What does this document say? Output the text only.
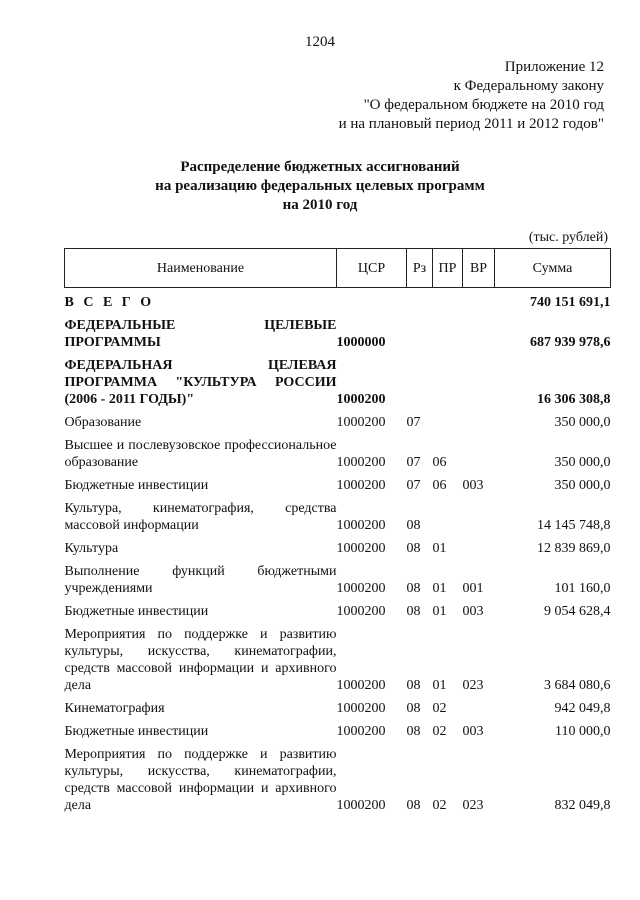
1204
Приложение 12
к Федеральному закону
"О федеральном бюджете на 2010 год
и на плановый период 2011 и 2012 годов"
Распределение бюджетных ассигнований
на реализацию федеральных целевых программ
на 2010 год
(тыс. рублей)
Наименование	ЦСР	Рз	ПР	ВР	Сумма
В С Е Г О					740 151 691,1
ФЕДЕРАЛЬНЫЕ ЦЕЛЕВЫЕ ПРОГРАММЫ	1000000				687 939 978,6
ФЕДЕРАЛЬНАЯ ЦЕЛЕВАЯ ПРОГРАММА "КУЛЬТУРА РОССИИ (2006 - 2011 ГОДЫ)"	1000200				16 306 308,8
Образование	1000200	07			350 000,0
Высшее и послевузовское профессиональное образование	1000200	07	06		350 000,0
Бюджетные инвестиции	1000200	07	06	003	350 000,0
Культура, кинематография, средства массовой информации	1000200	08			14 145 748,8
Культура	1000200	08	01		12 839 869,0
Выполнение функций бюджетными учреждениями	1000200	08	01	001	101 160,0
Бюджетные инвестиции	1000200	08	01	003	9 054 628,4
Мероприятия по поддержке и развитию культуры, искусства, кинематографии, средств массовой информации и архивного дела	1000200	08	01	023	3 684 080,6
Кинематография	1000200	08	02		942 049,8
Бюджетные инвестиции	1000200	08	02	003	110 000,0
Мероприятия по поддержке и развитию культуры, искусства, кинематографии, средств массовой информации и архивного дела	1000200	08	02	023	832 049,8
